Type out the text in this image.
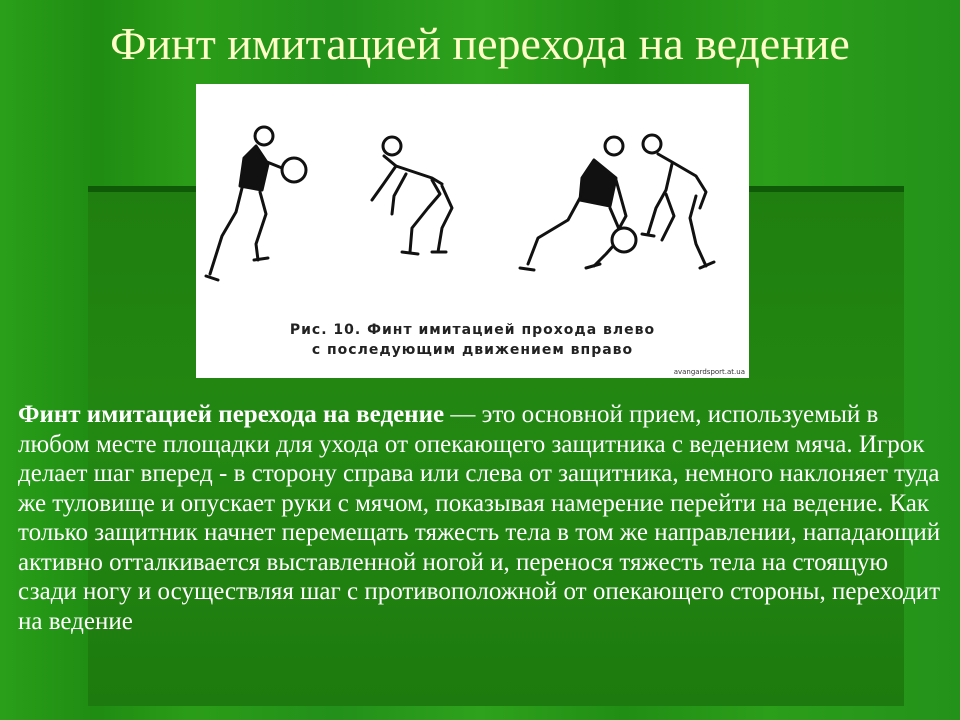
Финт имитацией перехода на ведение
Рис. 10. Финт имитацией прохода влево
с последующим движением вправо
avangardsport.at.ua
Финт имитацией перехода на ведение — это основной прием, используемый в любом месте площадки для ухода от опекающего защитника с ведением мяча. Игрок делает шаг вперед - в сторону справа или слева от защитника, немного наклоняет туда же туловище и опускает руки с мячом, показывая намерение перейти на ведение. Как только защитник начнет перемещать тяжесть тела в том же направлении, нападающий активно отталкивается выставленной ногой и, перенося тяжесть тела на стоящую сзади ногу и осуществляя шаг с противоположной от опекающего стороны, переходит на ведение
